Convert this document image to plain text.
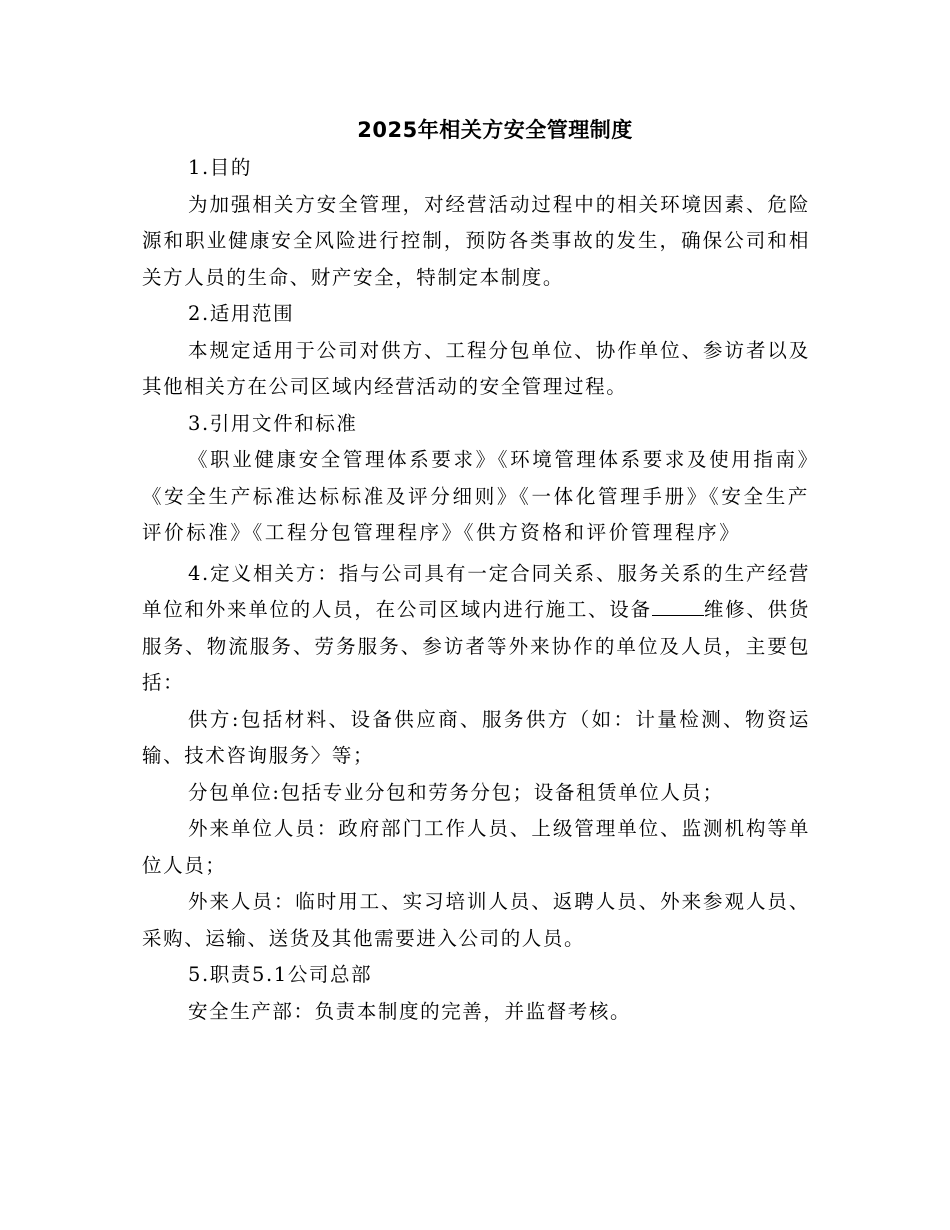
2025年相关方安全管理制度

1.目的

为加强相关方安全管理，对经营活动过程中的相关环境因素、危险源和职业健康安全风险进行控制，预防各类事故的发生，确保公司和相关方人员的生命、财产安全，特制定本制度。

2.适用范围

本规定适用于公司对供方、工程分包单位、协作单位、参访者以及其他相关方在公司区域内经营活动的安全管理过程。

3.引用文件和标准

《职业健康安全管理体系要求》《环境管理体系要求及使用指南》《安全生产标准达标标准及评分细则》《一体化管理手册》《安全生产评价标准》《工程分包管理程序》《供方资格和评价管理程序》

4.定义相关方：指与公司具有一定合同关系、服务关系的生产经营单位和外来单位的人员，在公司区域内进行施工、设备	维修、供货服务、物流服务、劳务服务、参访者等外来协作的单位及人员，主要包括：

供方:包括材料、设备供应商、服务供方（如：计量检测、物资运输、技术咨询服务〉等；

分包单位:包括专业分包和劳务分包；设备租赁单位人员；

外来单位人员：政府部门工作人员、上级管理单位、监测机构等单位人员；

外来人员：临时用工、实习培训人员、返聘人员、外来参观人员、采购、运输、送货及其他需要进入公司的人员。

5.职责5.1公司总部

安全生产部：负责本制度的完善，并监督考核。
